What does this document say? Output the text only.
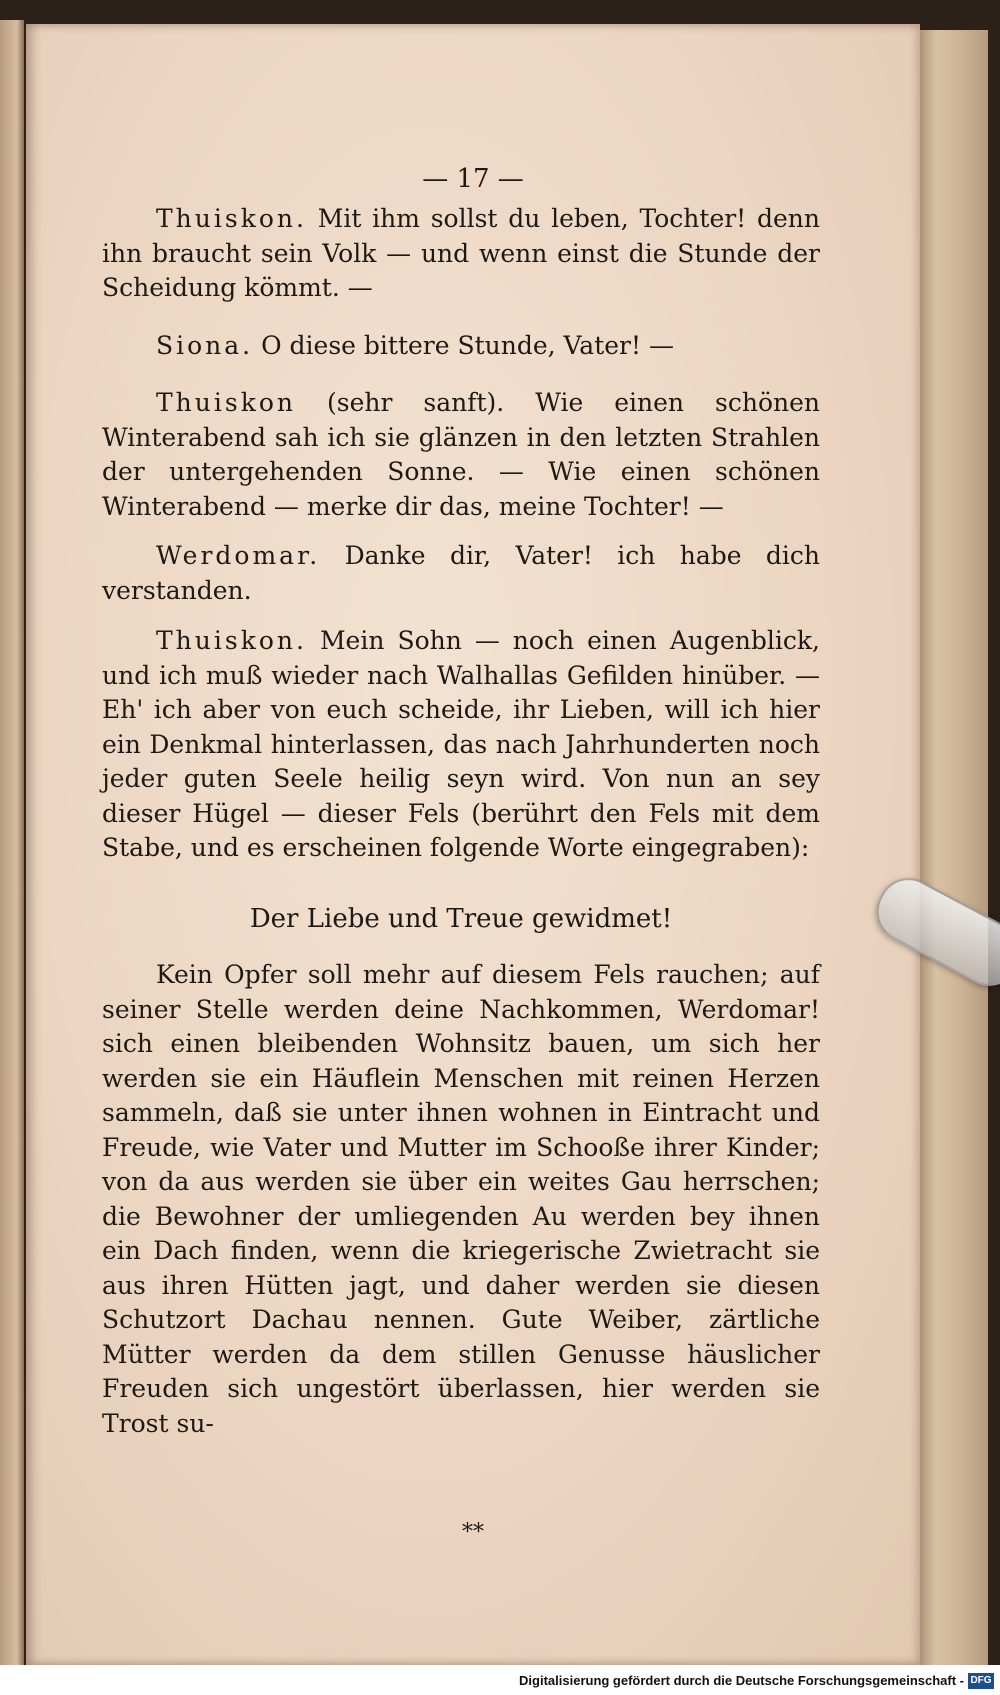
— 17 —

Thuiskon. Mit ihm sollst du leben, Tochter! denn ihn braucht sein Volk — und wenn einst die Stunde der Scheidung kömmt. —

Siona. O diese bittere Stunde, Vater! —

Thuiskon (sehr sanft). Wie einen schönen Winterabend sah ich sie glänzen in den letzten Strahlen der untergehenden Sonne. — Wie einen schönen Winterabend — merke dir das, meine Tochter! —

Werdomar. Danke dir, Vater! ich habe dich verstanden.

Thuiskon. Mein Sohn — noch einen Augenblick, und ich muß wieder nach Walhallas Gefilden hinüber. — Eh' ich aber von euch scheide, ihr Lieben, will ich hier ein Denkmal hinterlassen, das nach Jahrhunderten noch jeder guten Seele heilig seyn wird. Von nun an sey dieser Hügel — dieser Fels (berührt den Fels mit dem Stabe, und es erscheinen folgende Worte eingegraben):

Der Liebe und Treue gewidmet!

Kein Opfer soll mehr auf diesem Fels rauchen; auf seiner Stelle werden deine Nachkommen, Werdomar! sich einen bleibenden Wohnsitz bauen, um sich her werden sie ein Häuflein Menschen mit reinen Herzen sammeln, daß sie unter ihnen wohnen in Eintracht und Freude, wie Vater und Mutter im Schooße ihrer Kinder; von da aus werden sie über ein weites Gau herrschen; die Bewohner der umliegenden Au werden bey ihnen ein Dach finden, wenn die kriegerische Zwietracht sie aus ihren Hütten jagt, und daher werden sie diesen Schutzort Dachau nennen. Gute Weiber, zärtliche Mütter werden da dem stillen Genusse häuslicher Freuden sich ungestört überlassen, hier werden sie Trost su-

**
Digitalisierung gefördert durch die Deutsche Forschungsgemeinschaft - DFG
